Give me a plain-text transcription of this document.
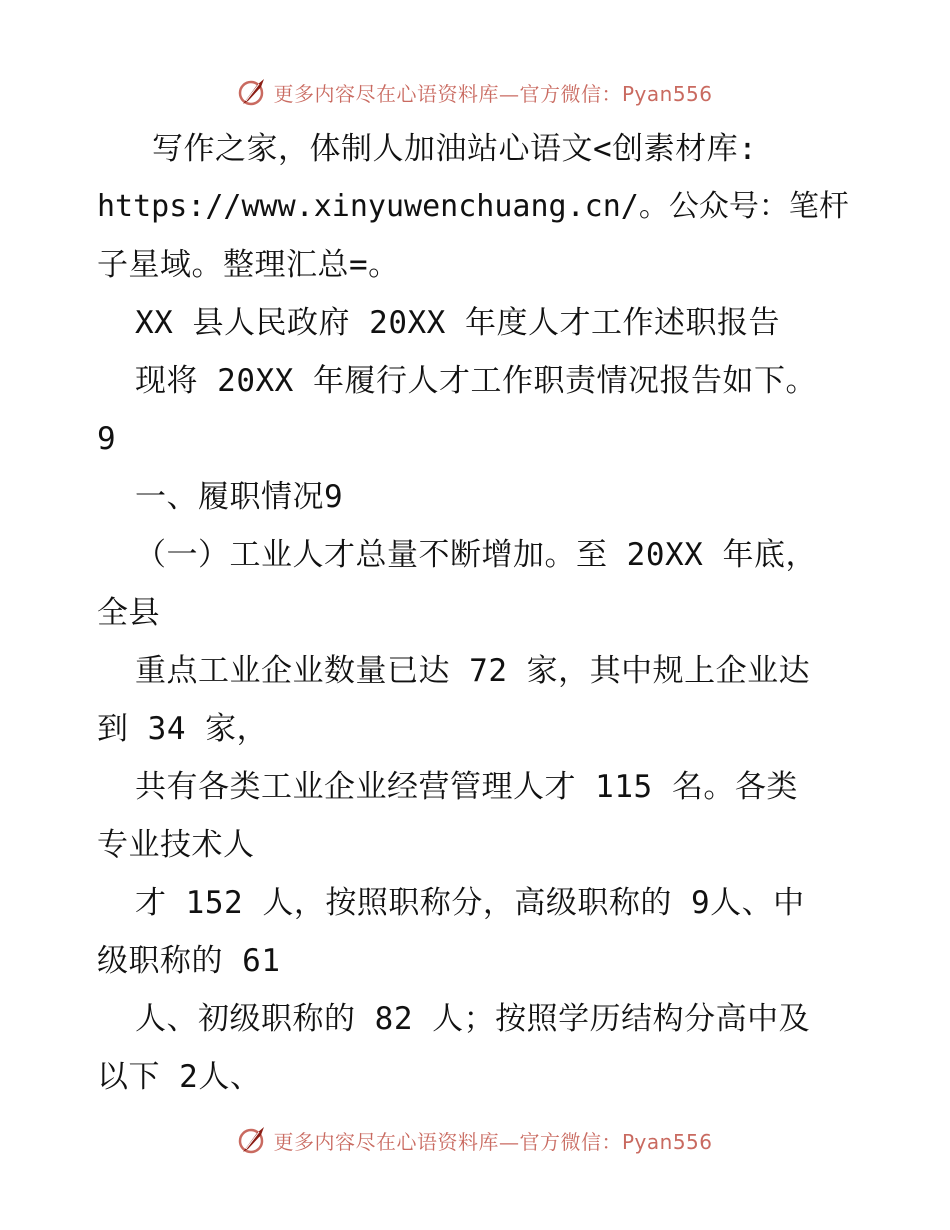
更多内容尽在心语资料库—官方微信：Pyan556
写作之家，体制人加油站心语文<创素材库:
https://www.xinyuwenchuang.cn/。公众号：笔杆
子星域。整理汇总=。
XX 县人民政府 20XX 年度人才工作述职报告
现将 20XX 年履行人才工作职责情况报告如下。
9
一、履职情况9
（一）工业人才总量不断增加。至 20XX 年底，
全县
重点工业企业数量已达 72 家，其中规上企业达
到 34 家，
共有各类工业企业经营管理人才 115 名。各类
专业技术人
才 152 人，按照职称分，高级职称的 9人、中
级职称的 61
人、初级职称的 82 人；按照学历结构分高中及
以下 2人、
更多内容尽在心语资料库—官方微信：Pyan556
